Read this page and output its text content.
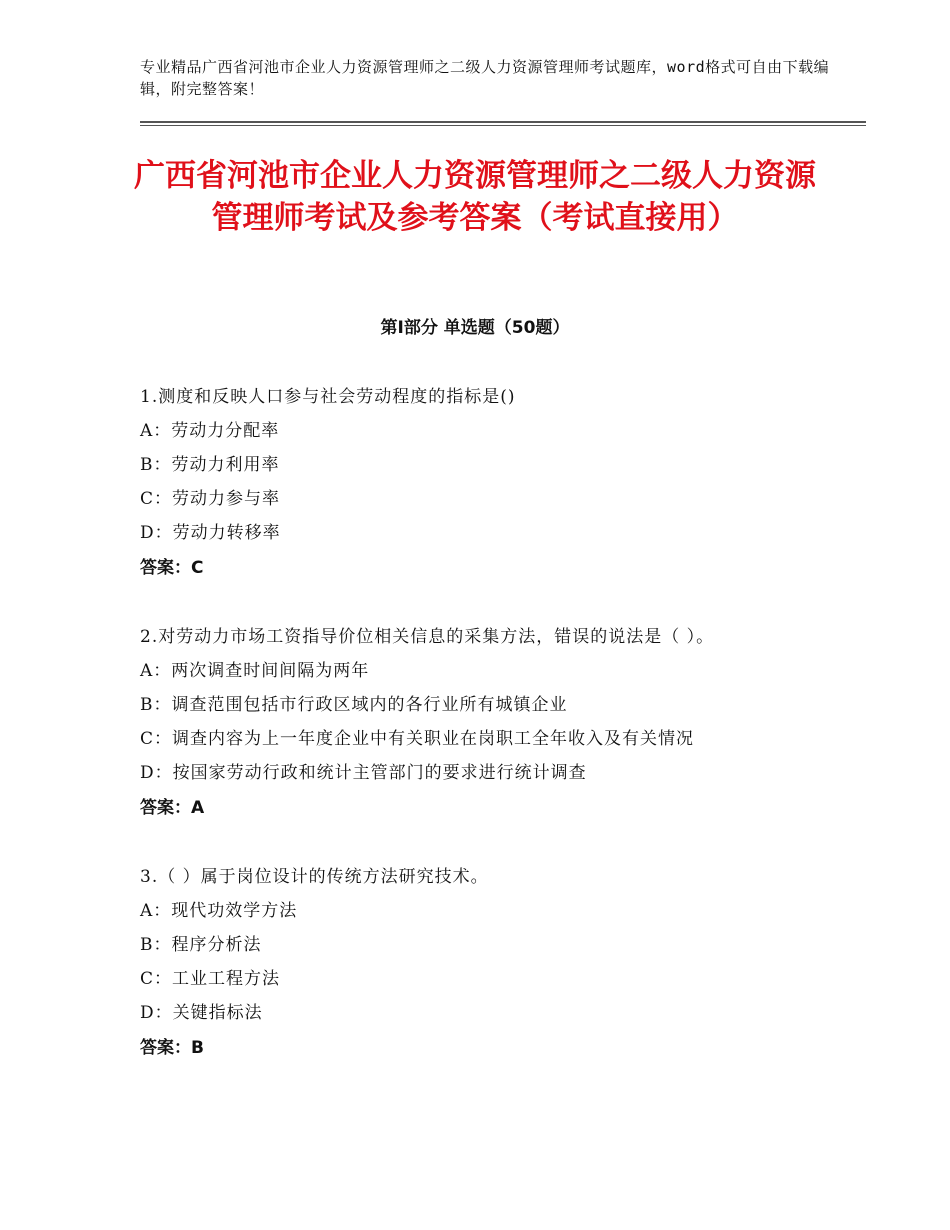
专业精品广西省河池市企业人力资源管理师之二级人力资源管理师考试题库，word格式可自由下载编辑，附完整答案！
广西省河池市企业人力资源管理师之二级人力资源管理师考试及参考答案（考试直接用）
第Ⅰ部分 单选题（50题）
1.测度和反映人口参与社会劳动程度的指标是()
A：劳动力分配率
B：劳动力利用率
C：劳动力参与率
D：劳动力转移率
答案：C
2.对劳动力市场工资指导价位相关信息的采集方法，错误的说法是（ ）。
A：两次调查时间间隔为两年
B：调查范围包括市行政区域内的各行业所有城镇企业
C：调查内容为上一年度企业中有关职业在岗职工全年收入及有关情况
D：按国家劳动行政和统计主管部门的要求进行统计调查
答案：A
3.（ ）属于岗位设计的传统方法研究技术。
A：现代功效学方法
B：程序分析法
C：工业工程方法
D：关键指标法
答案：B
